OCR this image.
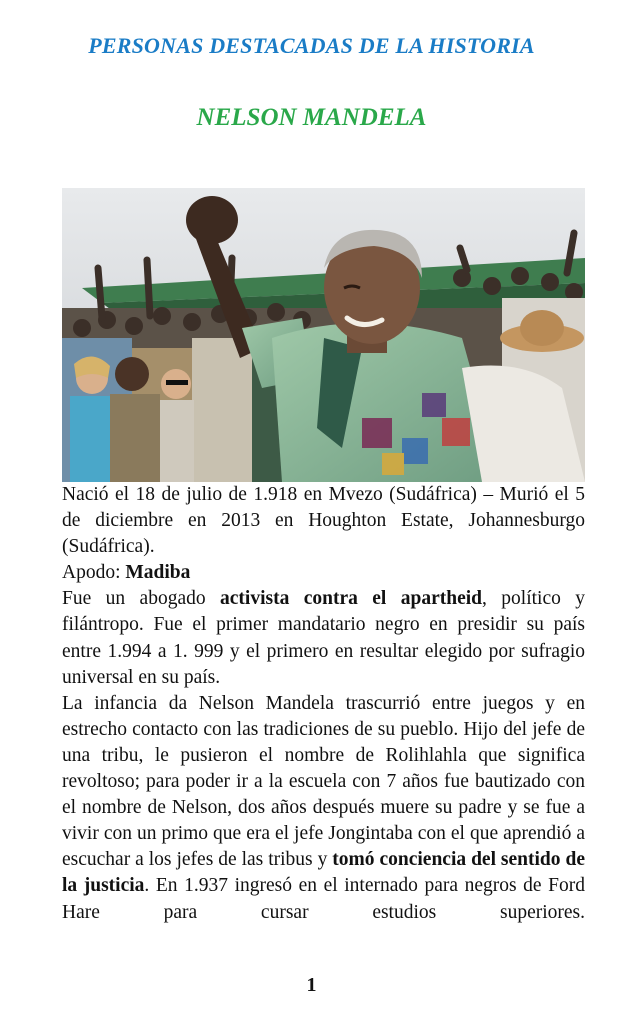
PERSONAS DESTACADAS DE LA HISTORIA
NELSON MANDELA

Nació el 18 de julio de 1.918 en Mvezo (Sudáfrica) – Murió el 5 de diciembre en 2013 en Houghton Estate, Johannesburgo (Sudáfrica).

Apodo: Madiba

Fue un abogado activista contra el apartheid, político y filántropo. Fue el primer mandatario negro en presidir su país entre 1.994 a 1. 999 y el primero en resultar elegido por sufragio universal en su país.

La infancia da Nelson Mandela trascurrió entre juegos y en estrecho contacto con las tradiciones de su pueblo. Hijo del jefe de una tribu, le pusieron el nombre de Rolihlahla que significa revoltoso; para poder ir a la escuela con 7 años fue bautizado con el nombre de Nelson, dos años después muere su padre y se fue a vivir con un primo que era el jefe Jongintaba con el que aprendió a escuchar a los jefes de las tribus y tomó conciencia del sentido de la justicia. En 1.937 ingresó en el internado para negros de Ford Hare para cursar estudios superiores.

1
